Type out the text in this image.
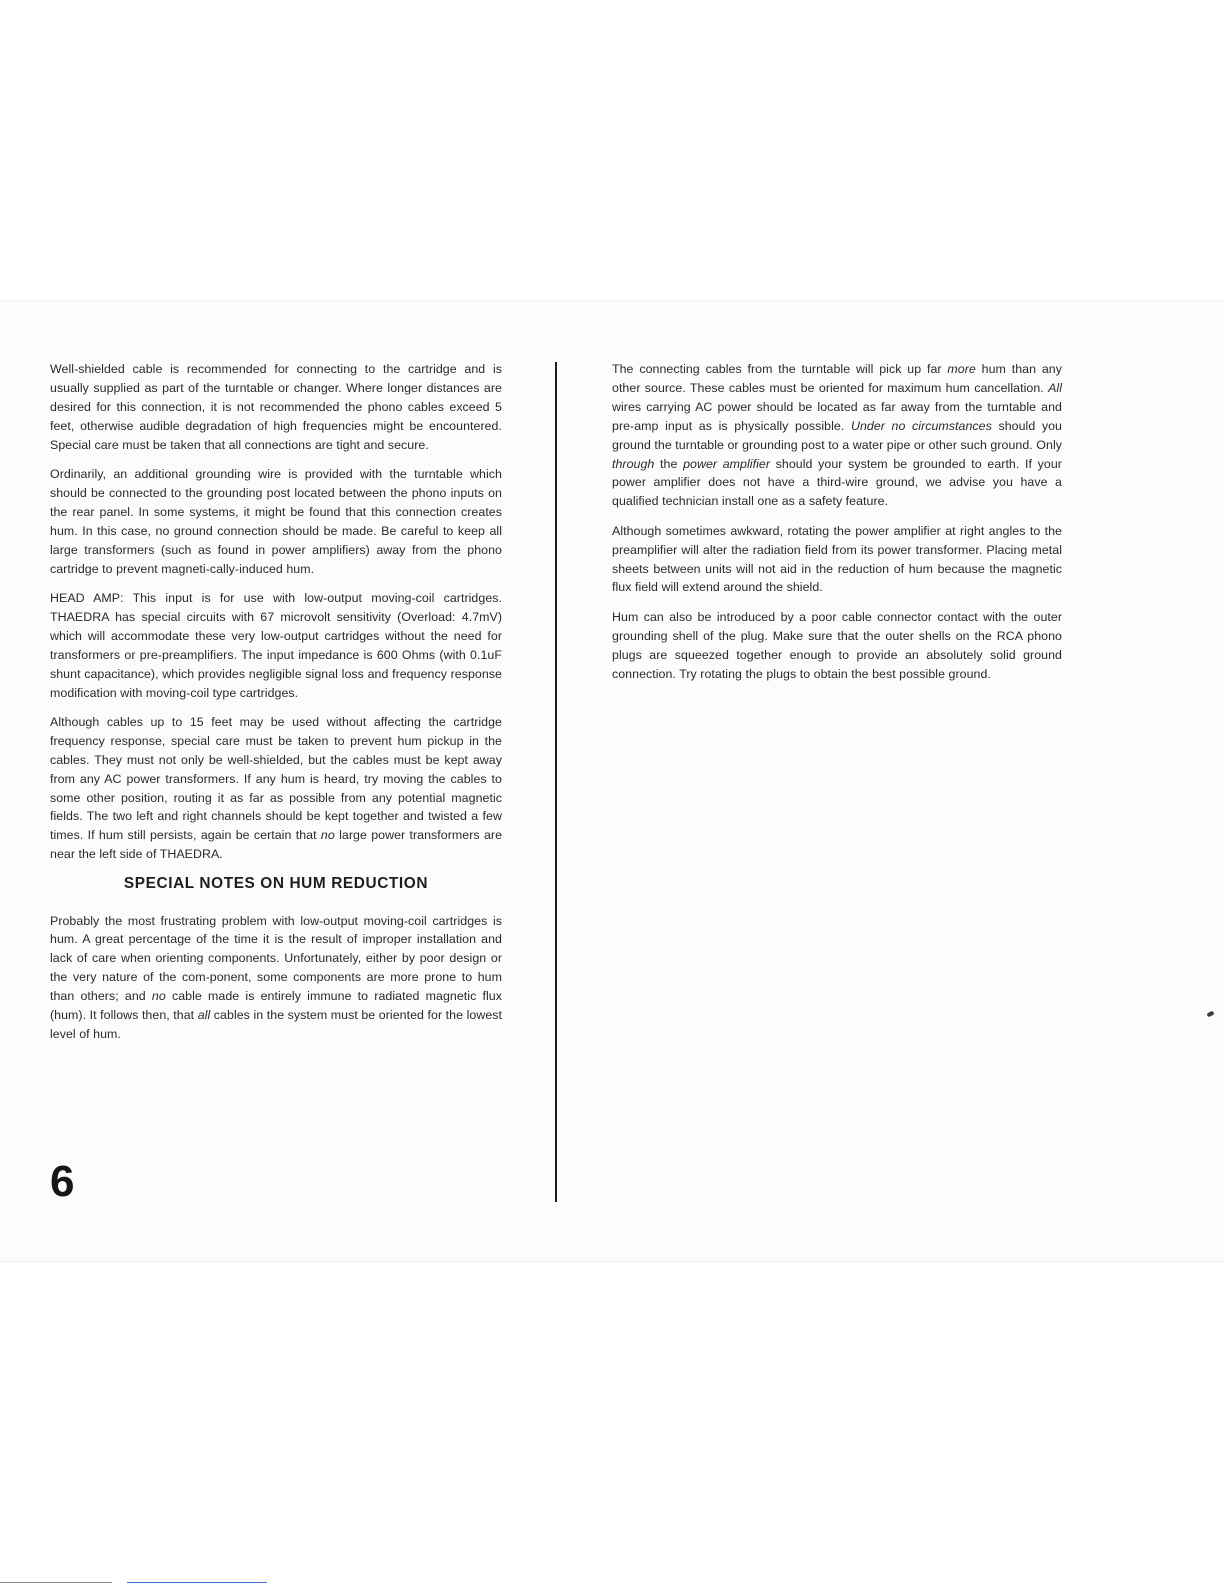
Well-shielded cable is recommended for connecting to the cartridge and is usually supplied as part of the turntable or changer. Where longer distances are desired for this connection, it is not recommended the phono cables exceed 5 feet, otherwise audible degradation of high frequencies might be encountered. Special care must be taken that all connections are tight and secure.

Ordinarily, an additional grounding wire is provided with the turntable which should be connected to the grounding post located between the phono inputs on the rear panel. In some systems, it might be found that this connection creates hum. In this case, no ground connection should be made. Be careful to keep all large transformers (such as found in power amplifiers) away from the phono cartridge to prevent magneti-cally-induced hum.

HEAD AMP: This input is for use with low-output moving-coil cartridges. THAEDRA has special circuits with 67 microvolt sensitivity (Overload: 4.7mV) which will accommodate these very low-output cartridges without the need for transformers or pre-preamplifiers. The input impedance is 600 Ohms (with 0.1uF shunt capacitance), which provides negligible signal loss and frequency response modification with moving-coil type cartridges.

Although cables up to 15 feet may be used without affecting the cartridge frequency response, special care must be taken to prevent hum pickup in the cables. They must not only be well-shielded, but the cables must be kept away from any AC power transformers. If any hum is heard, try moving the cables to some other position, routing it as far as possible from any potential magnetic fields. The two left and right channels should be kept together and twisted a few times. If hum still persists, again be certain that no large power transformers are near the left side of THAEDRA.

SPECIAL NOTES ON HUM REDUCTION

Probably the most frustrating problem with low-output moving-coil cartridges is hum. A great percentage of the time it is the result of improper installation and lack of care when orienting components. Unfortunately, either by poor design or the very nature of the com-ponent, some components are more prone to hum than others; and no cable made is entirely immune to radiated magnetic flux (hum). It follows then, that all cables in the system must be oriented for the lowest level of hum.

The connecting cables from the turntable will pick up far more hum than any other source. These cables must be oriented for maximum hum cancellation. All wires carrying AC power should be located as far away from the turntable and pre-amp input as is physically possible. Under no circumstances should you ground the turntable or grounding post to a water pipe or other such ground. Only through the power amplifier should your system be grounded to earth. If your power amplifier does not have a third-wire ground, we advise you have a qualified technician install one as a safety feature.

Although sometimes awkward, rotating the power amplifier at right angles to the preamplifier will alter the radiation field from its power transformer. Placing metal sheets between units will not aid in the reduction of hum because the magnetic flux field will extend around the shield.

Hum can also be introduced by a poor cable connector contact with the outer grounding shell of the plug. Make sure that the outer shells on the RCA phono plugs are squeezed together enough to provide an absolutely solid ground connection. Try rotating the plugs to obtain the best possible ground.

6
